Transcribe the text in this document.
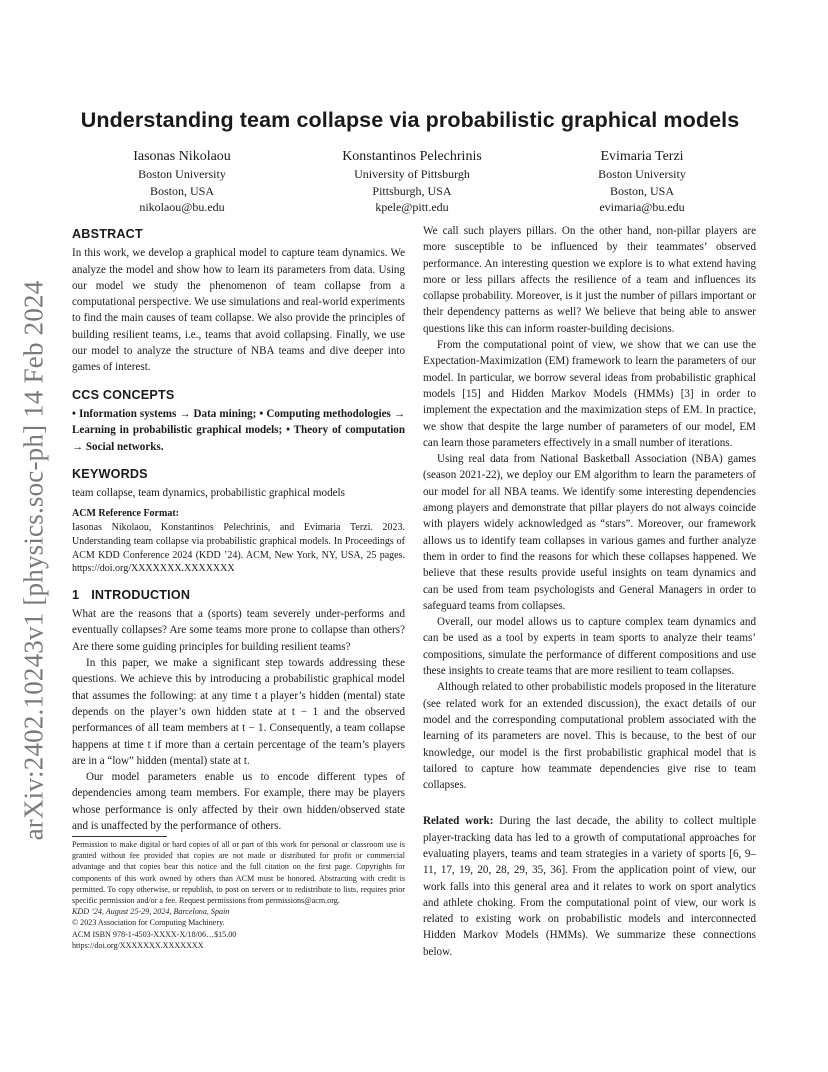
arXiv:2402.10243v1 [physics.soc-ph] 14 Feb 2024
Understanding team collapse via probabilistic graphical models
Iasonas Nikolaou
Boston University
Boston, USA
nikolaou@bu.edu
Konstantinos Pelechrinis
University of Pittsburgh
Pittsburgh, USA
kpele@pitt.edu
Evimaria Terzi
Boston University
Boston, USA
evimaria@bu.edu
ABSTRACT

In this work, we develop a graphical model to capture team dynamics. We analyze the model and show how to learn its parameters from data. Using our model we study the phenomenon of team collapse from a computational perspective. We use simulations and real-world experiments to find the main causes of team collapse. We also provide the principles of building resilient teams, i.e., teams that avoid collapsing. Finally, we use our model to analyze the structure of NBA teams and dive deeper into games of interest.

CCS CONCEPTS

• Information systems → Data mining; • Computing methodologies → Learning in probabilistic graphical models; • Theory of computation → Social networks.

KEYWORDS

team collapse, team dynamics, probabilistic graphical models

ACM Reference Format:

Iasonas Nikolaou, Konstantinos Pelechrinis, and Evimaria Terzi. 2023. Understanding team collapse via probabilistic graphical models. In Proceedings of ACM KDD Conference 2024 (KDD ’24). ACM, New York, NY, USA, 25 pages. https://doi.org/XXXXXXX.XXXXXXX

1 INTRODUCTION

What are the reasons that a (sports) team severely under-performs and eventually collapses? Are some teams more prone to collapse than others? Are there some guiding principles for building resilient teams?

In this paper, we make a significant step towards addressing these questions. We achieve this by introducing a probabilistic graphical model that assumes the following: at any time t a player’s hidden (mental) state depends on the player’s own hidden state at t − 1 and the observed performances of all team members at t − 1. Consequently, a team collapse happens at time t if more than a certain percentage of the team’s players are in a “low” hidden (mental) state at t.

Our model parameters enable us to encode different types of dependencies among team members. For example, there may be players whose performance is only affected by their own hidden/observed state and is unaffected by the performance of others.

Permission to make digital or hard copies of all or part of this work for personal or classroom use is granted without fee provided that copies are not made or distributed for profit or commercial advantage and that copies bear this notice and the full citation on the first page. Copyrights for components of this work owned by others than ACM must be honored. Abstracting with credit is permitted. To copy otherwise, or republish, to post on servers or to redistribute to lists, requires prior specific permission and/or a fee. Request permissions from permissions@acm.org.

KDD ’24, August 25-29, 2024, Barcelona, Spain

© 2023 Association for Computing Machinery.

ACM ISBN 978-1-4503-XXXX-X/18/06…$15.00

https://doi.org/XXXXXXX.XXXXXXX

We call such players pillars. On the other hand, non-pillar players are more susceptible to be influenced by their teammates’ observed performance. An interesting question we explore is to what extend having more or less pillars affects the resilience of a team and influences its collapse probability. Moreover, is it just the number of pillars important or their dependency patterns as well? We believe that being able to answer questions like this can inform roaster-building decisions.

From the computational point of view, we show that we can use the Expectation-Maximization (EM) framework to learn the parameters of our model. In particular, we borrow several ideas from probabilistic graphical models [15] and Hidden Markov Models (HMMs) [3] in order to implement the expectation and the maximization steps of EM. In practice, we show that despite the large number of parameters of our model, EM can learn those parameters effectively in a small number of iterations.

Using real data from National Basketball Association (NBA) games (season 2021-22), we deploy our EM algorithm to learn the parameters of our model for all NBA teams. We identify some interesting dependencies among players and demonstrate that pillar players do not always coincide with players widely acknowledged as “stars”. Moreover, our framework allows us to identify team collapses in various games and further analyze them in order to find the reasons for which these collapses happened. We believe that these results provide useful insights on team dynamics and can be used from team psychologists and General Managers in order to safeguard teams from collapses.

Overall, our model allows us to capture complex team dynamics and can be used as a tool by experts in team sports to analyze their teams’ compositions, simulate the performance of different compositions and use these insights to create teams that are more resilient to team collapses.

Although related to other probabilistic models proposed in the literature (see related work for an extended discussion), the exact details of our model and the corresponding computational problem associated with the learning of its parameters are novel. This is because, to the best of our knowledge, our model is the first probabilistic graphical model that is tailored to capture how teammate dependencies give rise to team collapses.

Related work: During the last decade, the ability to collect multiple player-tracking data has led to a growth of computational approaches for evaluating players, teams and team strategies in a variety of sports [6, 9–11, 17, 19, 20, 28, 29, 35, 36]. From the application point of view, our work falls into this general area and it relates to work on sport analytics and athlete choking. From the computational point of view, our work is related to existing work on probabilistic models and interconnected Hidden Markov Models (HMMs). We summarize these connections below.
